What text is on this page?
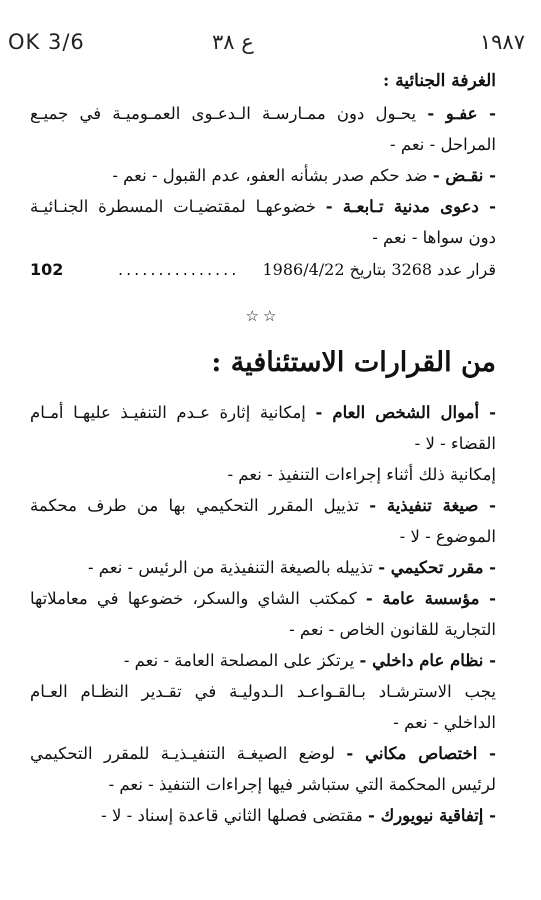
OK 3/6	ع ٣٨	١٩٨٧
الغرفة الجنائية :
- عفـو - يحـول دون ممـارسـة الـدعـوى العمـوميـة في جميـع
المراحل - نعم -
- نقـض - ضد حكم صدر بشأنه العفو، عدم القبول - نعم -
- دعوى مدنية تـابعـة - خضوعهـا لمقتضيـات المسطرة الجنـائيـة
دون سواها - نعم -
قرار عدد 3268 بتاريخ 1986/4/22
...............
102
☆☆
من القرارات الاستئنافية :
- أموال الشخص العام - إمكانية إثارة عـدم التنفيـذ عليهـا أمـام
القضاء - لا -
إمكانية ذلك أثناء إجراءات التنفيذ - نعم -
- صيغة تنفيذية - تذييل المقرر التحكيمي بها من طرف محكمة
الموضوع - لا -
- مقرر تحكيمي - تذييله بالصيغة التنفيذية من الرئيس - نعم -
- مؤسسة عامة - كمكتب الشاي والسكر، خضوعها في معاملاتها
التجارية للقانون الخاص - نعم -
- نظام عام داخلي - يرتكز على المصلحة العامة - نعم -
يجب الاسترشـاد بـالقـواعـد الـدوليـة في تقـدير النظـام العـام
الداخلي - نعم -
- اختصاص مكاني - لوضع الصيغـة التنفيـذيـة للمقرر التحكيمي
لرئيس المحكمة التي ستباشر فيها إجراءات التنفيذ - نعم -
- إتفاقية نيويورك - مقتضى فصلها الثاني قاعدة إسناد - لا -
